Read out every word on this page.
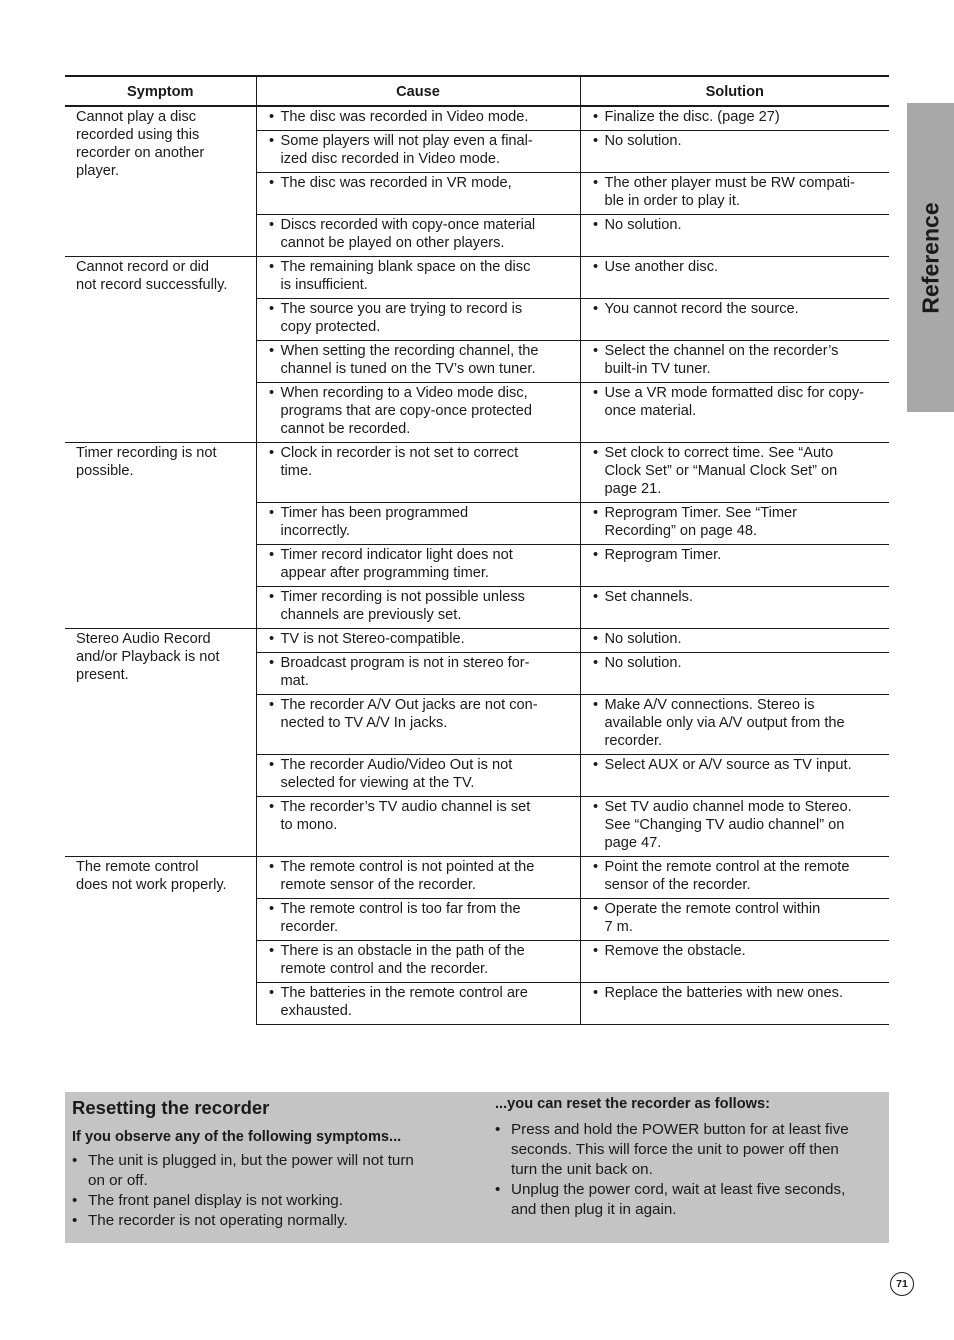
Symptom	Cause	Solution

Cannot play a disc
recorded using this
recorder on another
player.	• The disc was recorded in Video mode.	• Finalize the disc. (page 27)

	• Some players will not play even a final-
ized disc recorded in Video mode.	• No solution.

	• The disc was recorded in VR mode,	• The other player must be RW compati-
ble in order to play it.

	• Discs recorded with copy-once material
cannot be played on other players.	• No solution.

Cannot record or did
not record successfully.	• The remaining blank space on the disc
is insufficient.	• Use another disc.

	• The source you are trying to record is
copy protected.	• You cannot record the source.

	• When setting the recording channel, the
channel is tuned on the TV’s own tuner.	• Select the channel on the recorder’s
built-in TV tuner.

	• When recording to a Video mode disc,
programs that are copy-once protected
cannot be recorded.	• Use a VR mode formatted disc for copy-
once material.

Timer recording is not
possible.	• Clock in recorder is not set to correct
time.	• Set clock to correct time. See “Auto
Clock Set” or “Manual Clock Set” on
page 21.

	• Timer has been programmed
incorrectly.	• Reprogram Timer. See “Timer
Recording” on page 48.

	• Timer record indicator light does not
appear after programming timer.	• Reprogram Timer.

	• Timer recording is not possible unless
channels are previously set.	• Set channels.

Stereo Audio Record
and/or Playback is not
present.	• TV is not Stereo-compatible.	• No solution.

	• Broadcast program is not in stereo for-
mat.	• No solution.

	• The recorder A/V Out jacks are not con-
nected to TV A/V In jacks.	• Make A/V connections. Stereo is
available only via A/V output from the
recorder.

	• The recorder Audio/Video Out is not
selected for viewing at the TV.	• Select AUX or A/V source as TV input.

	• The recorder’s TV audio channel is set
to mono.	• Set TV audio channel mode to Stereo.
See “Changing TV audio channel” on
page 47.

The remote control
does not work properly.	• The remote control is not pointed at the
remote sensor of the recorder.	• Point the remote control at the remote
sensor of the recorder.

	• The remote control is too far from the
recorder.	• Operate the remote control within
7 m.

	• There is an obstacle in the path of the
remote control and the recorder.	• Remove the obstacle.

	• The batteries in the remote control are
exhausted.	• Replace the batteries with new ones.
Reference
Resetting the recorder
If you observe any of the following symptoms...
• The unit is plugged in, but the power will not turn
on or off.
• The front panel display is not working.
• The recorder is not operating normally.
...you can reset the recorder as follows:
• Press and hold the POWER button for at least five
seconds. This will force the unit to power off then
turn the unit back on.
• Unplug the power cord, wait at least five seconds,
and then plug it in again.
71
